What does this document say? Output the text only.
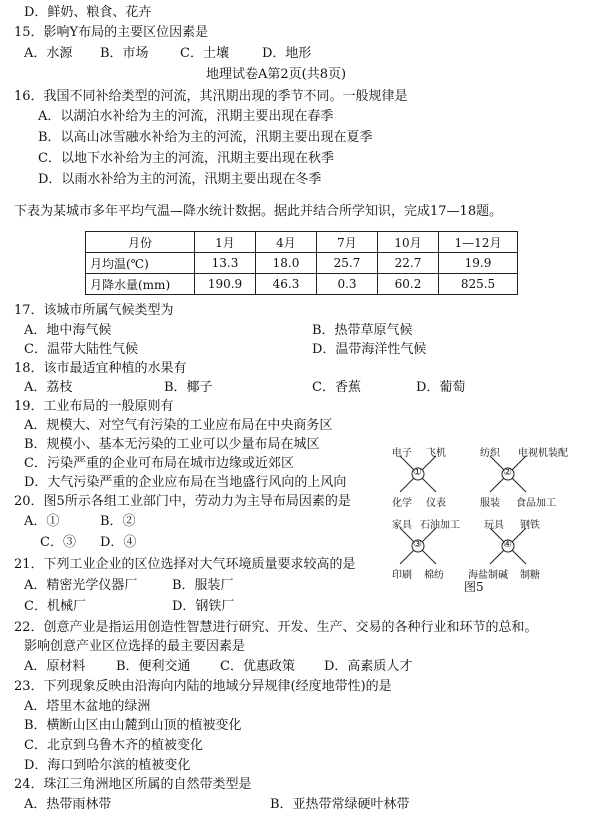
D．鲜奶、粮食、花卉
15．影响Y布局的主要区位因素是
A．水源 B．市场 C．土壤	D．地形
地理试卷A第2页(共8页)
16．我国不同补给类型的河流，其汛期出现的季节不同。一般规律是
A．以湖泊水补给为主的河流，汛期主要出现在春季
B．以高山冰雪融水补给为主的河流，汛期主要出现在夏季
C．以地下水补给为主的河流，汛期主要出现在秋季
D．以雨水补给为主的河流，汛期主要出现在冬季
下表为某城市多年平均气温—降水统计数据。据此并结合所学知识，完成17—18题。
月份	1月	4月	7月	10月	1—12月
月均温(℃)	13.3	18.0	25.7	22.7	19.9
月降水量(mm)	190.9	46.3	0.3	60.2	825.5
17．该城市所属气候类型为
A．地中海气候	B．热带草原气候
C．温带大陆性气候	D．温带海洋性气候
18．该市最适宜种植的水果有
A．荔枝	B．椰子	C．香蕉	D．葡萄
19．工业布局的一般原则有
A．规模大、对空气有污染的工业应布局在中央商务区
B．规模小、基本无污染的工业可以少量布局在城区
C．污染严重的企业可布局在城市边缘或近郊区
D．大气污染严重的企业应布局在当地盛行风向的上风向
20．图5所示各组工业部门中，劳动力为主导布局因素的是
A．①	B．②
C．③ D．④
21．下列工业企业的区位选择对大气环境质量要求较高的是
A．精密光学仪器厂	B．服装厂
C．机械厂	D．钢铁厂
22．创意产业是指运用创造性智慧进行研究、开发、生产、交易的各种行业和环节的总和。
影响创意产业区位选择的最主要因素是
A．原材料 B．便利交通 C．优惠政策 D．高素质人才
23．下列现象反映由沿海向内陆的地域分异规律(经度地带性)的是
A．塔里木盆地的绿洲
B．横断山区由山麓到山顶的植被变化
C．北京到乌鲁木齐的植被变化
D．海口到哈尔滨的植被变化
24．珠江三角洲地区所属的自然带类型是
A．热带雨林带	B．亚热带常绿硬叶林带
①
电子 飞机
化学 仪表
②
纺织 电视机装配
服装 食品加工
③
家具 石油加工
印刷 棉纺
④
玩具 钢铁
海盐制碱 制糖
图5
